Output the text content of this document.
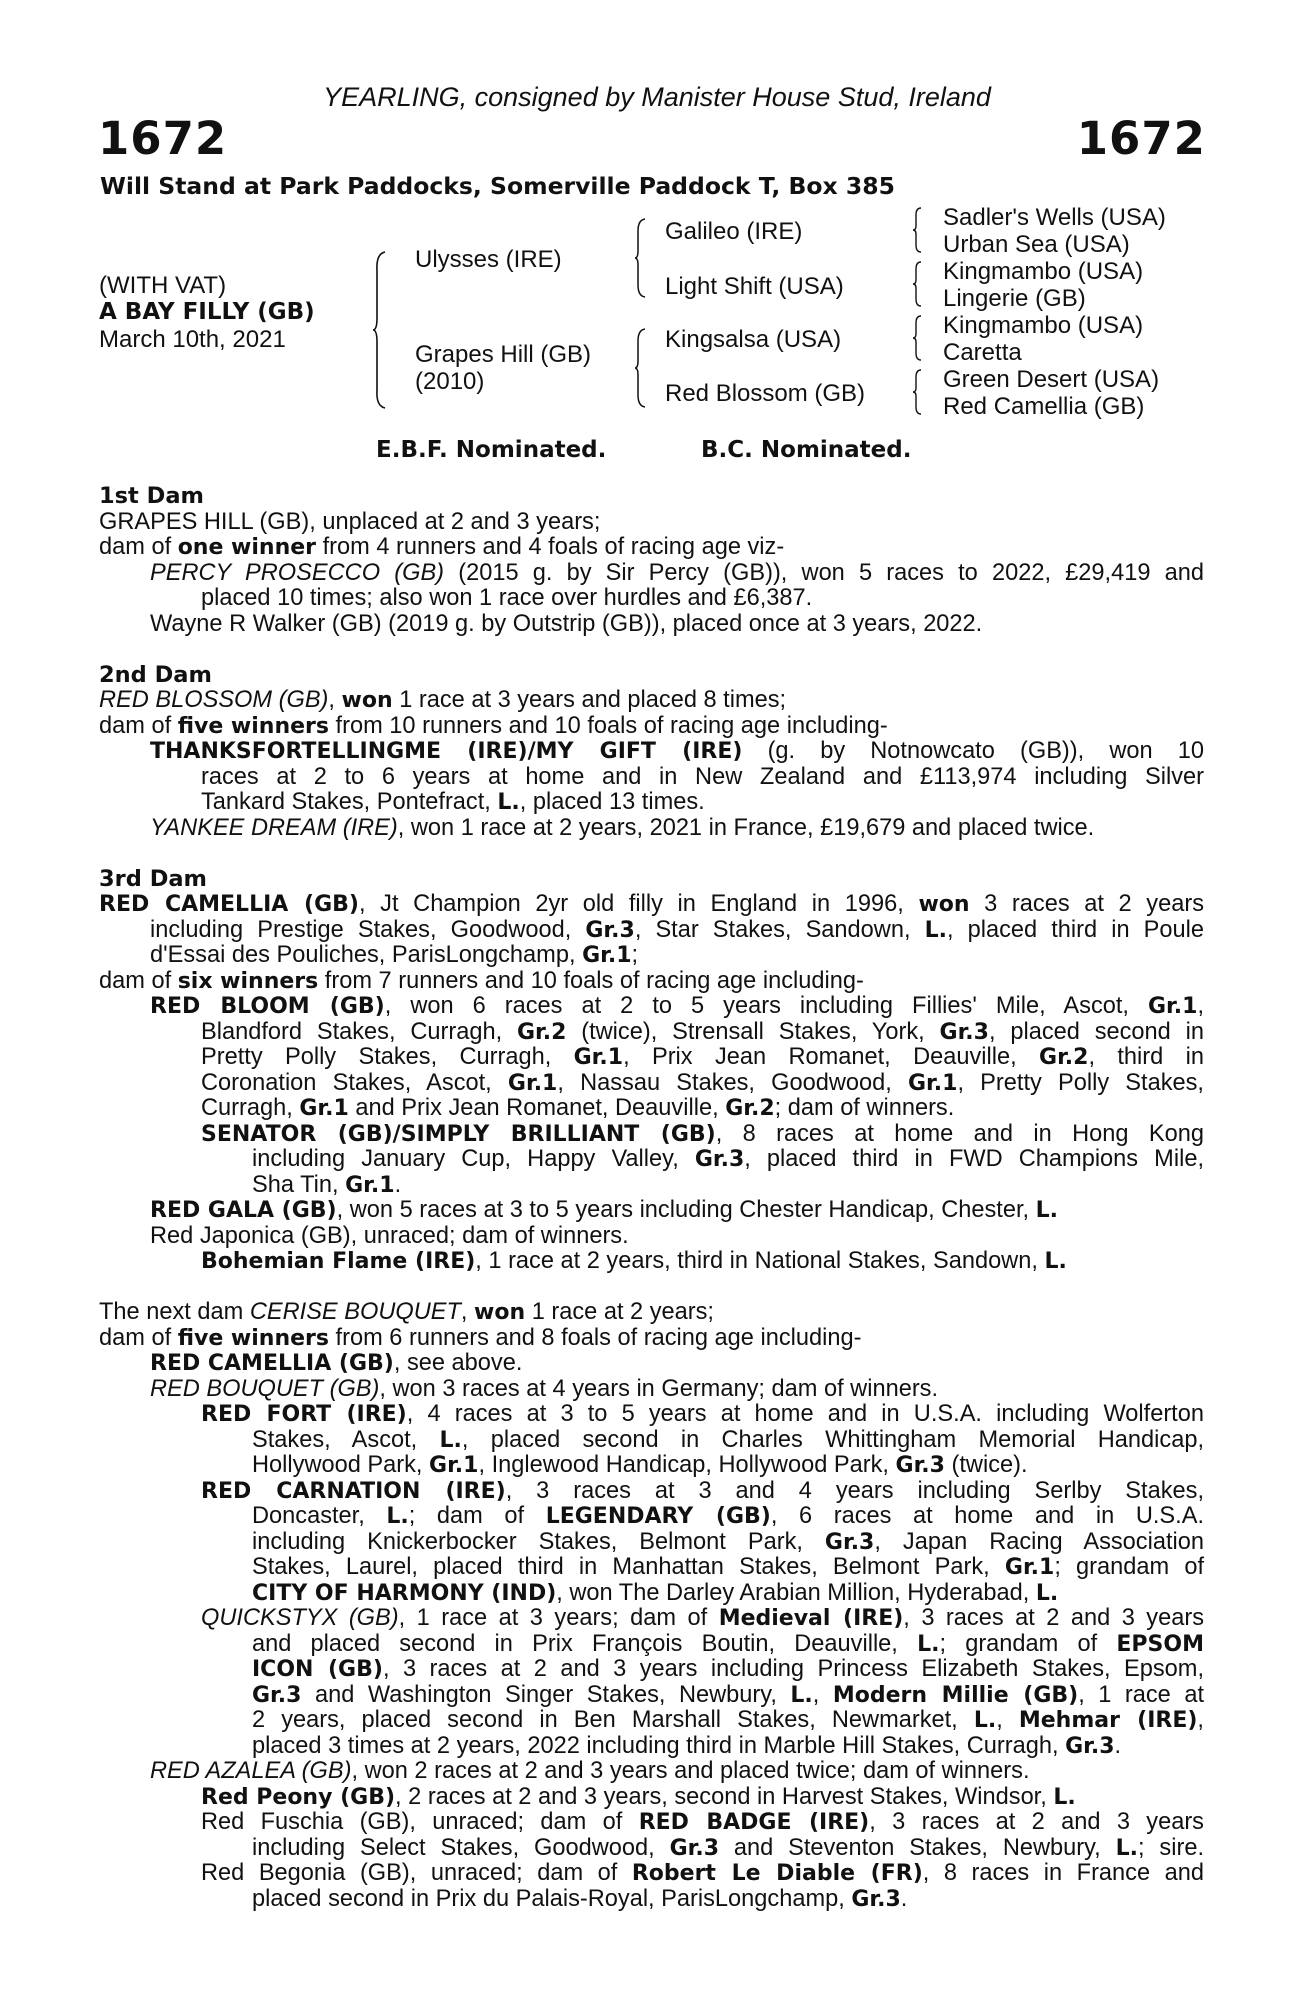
YEARLING, consigned by Manister House Stud, Ireland
1672	1672
Will Stand at Park Paddocks, Somerville Paddock T, Box 385
(WITH VAT)
A BAY FILLY (GB)
March 10th, 2021
Ulysses (IRE)
Grapes Hill (GB)
(2010)
Galileo (IRE)
Light Shift (USA)
Kingsalsa (USA)
Red Blossom (GB)
Sadler's Wells (USA)
Urban Sea (USA)
Kingmambo (USA)
Lingerie (GB)
Kingmambo (USA)
Caretta
Green Desert (USA)
Red Camellia (GB)
E.B.F. Nominated.	B.C. Nominated.
1st Dam
GRAPES HILL (GB), unplaced at 2 and 3 years;
dam of one winner from 4 runners and 4 foals of racing age viz-
PERCY PROSECCO (GB) (2015 g. by Sir Percy (GB)), won 5 races to 2022, £29,419 and
placed 10 times; also won 1 race over hurdles and £6,387.
Wayne R Walker (GB) (2019 g. by Outstrip (GB)), placed once at 3 years, 2022.
2nd Dam
RED BLOSSOM (GB), won 1 race at 3 years and placed 8 times;
dam of five winners from 10 runners and 10 foals of racing age including-
THANKSFORTELLINGME (IRE)/MY GIFT (IRE) (g. by Notnowcato (GB)), won 10
races at 2 to 6 years at home and in New Zealand and £113,974 including Silver
Tankard Stakes, Pontefract, L., placed 13 times.
YANKEE DREAM (IRE), won 1 race at 2 years, 2021 in France, £19,679 and placed twice.
3rd Dam
RED CAMELLIA (GB), Jt Champion 2yr old filly in England in 1996, won 3 races at 2 years
including Prestige Stakes, Goodwood, Gr.3, Star Stakes, Sandown, L., placed third in Poule
d'Essai des Pouliches, ParisLongchamp, Gr.1;
dam of six winners from 7 runners and 10 foals of racing age including-
RED BLOOM (GB), won 6 races at 2 to 5 years including Fillies' Mile, Ascot, Gr.1,
Blandford Stakes, Curragh, Gr.2 (twice), Strensall Stakes, York, Gr.3, placed second in
Pretty Polly Stakes, Curragh, Gr.1, Prix Jean Romanet, Deauville, Gr.2, third in
Coronation Stakes, Ascot, Gr.1, Nassau Stakes, Goodwood, Gr.1, Pretty Polly Stakes,
Curragh, Gr.1 and Prix Jean Romanet, Deauville, Gr.2; dam of winners.
SENATOR (GB)/SIMPLY BRILLIANT (GB), 8 races at home and in Hong Kong
including January Cup, Happy Valley, Gr.3, placed third in FWD Champions Mile,
Sha Tin, Gr.1.
RED GALA (GB), won 5 races at 3 to 5 years including Chester Handicap, Chester, L.
Red Japonica (GB), unraced; dam of winners.
Bohemian Flame (IRE), 1 race at 2 years, third in National Stakes, Sandown, L.
The next dam CERISE BOUQUET, won 1 race at 2 years;
dam of five winners from 6 runners and 8 foals of racing age including-
RED CAMELLIA (GB), see above.
RED BOUQUET (GB), won 3 races at 4 years in Germany; dam of winners.
RED FORT (IRE), 4 races at 3 to 5 years at home and in U.S.A. including Wolferton
Stakes, Ascot, L., placed second in Charles Whittingham Memorial Handicap,
Hollywood Park, Gr.1, Inglewood Handicap, Hollywood Park, Gr.3 (twice).
RED CARNATION (IRE), 3 races at 3 and 4 years including Serlby Stakes,
Doncaster, L.; dam of LEGENDARY (GB), 6 races at home and in U.S.A.
including Knickerbocker Stakes, Belmont Park, Gr.3, Japan Racing Association
Stakes, Laurel, placed third in Manhattan Stakes, Belmont Park, Gr.1; grandam of
CITY OF HARMONY (IND), won The Darley Arabian Million, Hyderabad, L.
QUICKSTYX (GB), 1 race at 3 years; dam of Medieval (IRE), 3 races at 2 and 3 years
and placed second in Prix François Boutin, Deauville, L.; grandam of EPSOM
ICON (GB), 3 races at 2 and 3 years including Princess Elizabeth Stakes, Epsom,
Gr.3 and Washington Singer Stakes, Newbury, L., Modern Millie (GB), 1 race at
2 years, placed second in Ben Marshall Stakes, Newmarket, L., Mehmar (IRE),
placed 3 times at 2 years, 2022 including third in Marble Hill Stakes, Curragh, Gr.3.
RED AZALEA (GB), won 2 races at 2 and 3 years and placed twice; dam of winners.
Red Peony (GB), 2 races at 2 and 3 years, second in Harvest Stakes, Windsor, L.
Red Fuschia (GB), unraced; dam of RED BADGE (IRE), 3 races at 2 and 3 years
including Select Stakes, Goodwood, Gr.3 and Steventon Stakes, Newbury, L.; sire.
Red Begonia (GB), unraced; dam of Robert Le Diable (FR), 8 races in France and
placed second in Prix du Palais-Royal, ParisLongchamp, Gr.3.
